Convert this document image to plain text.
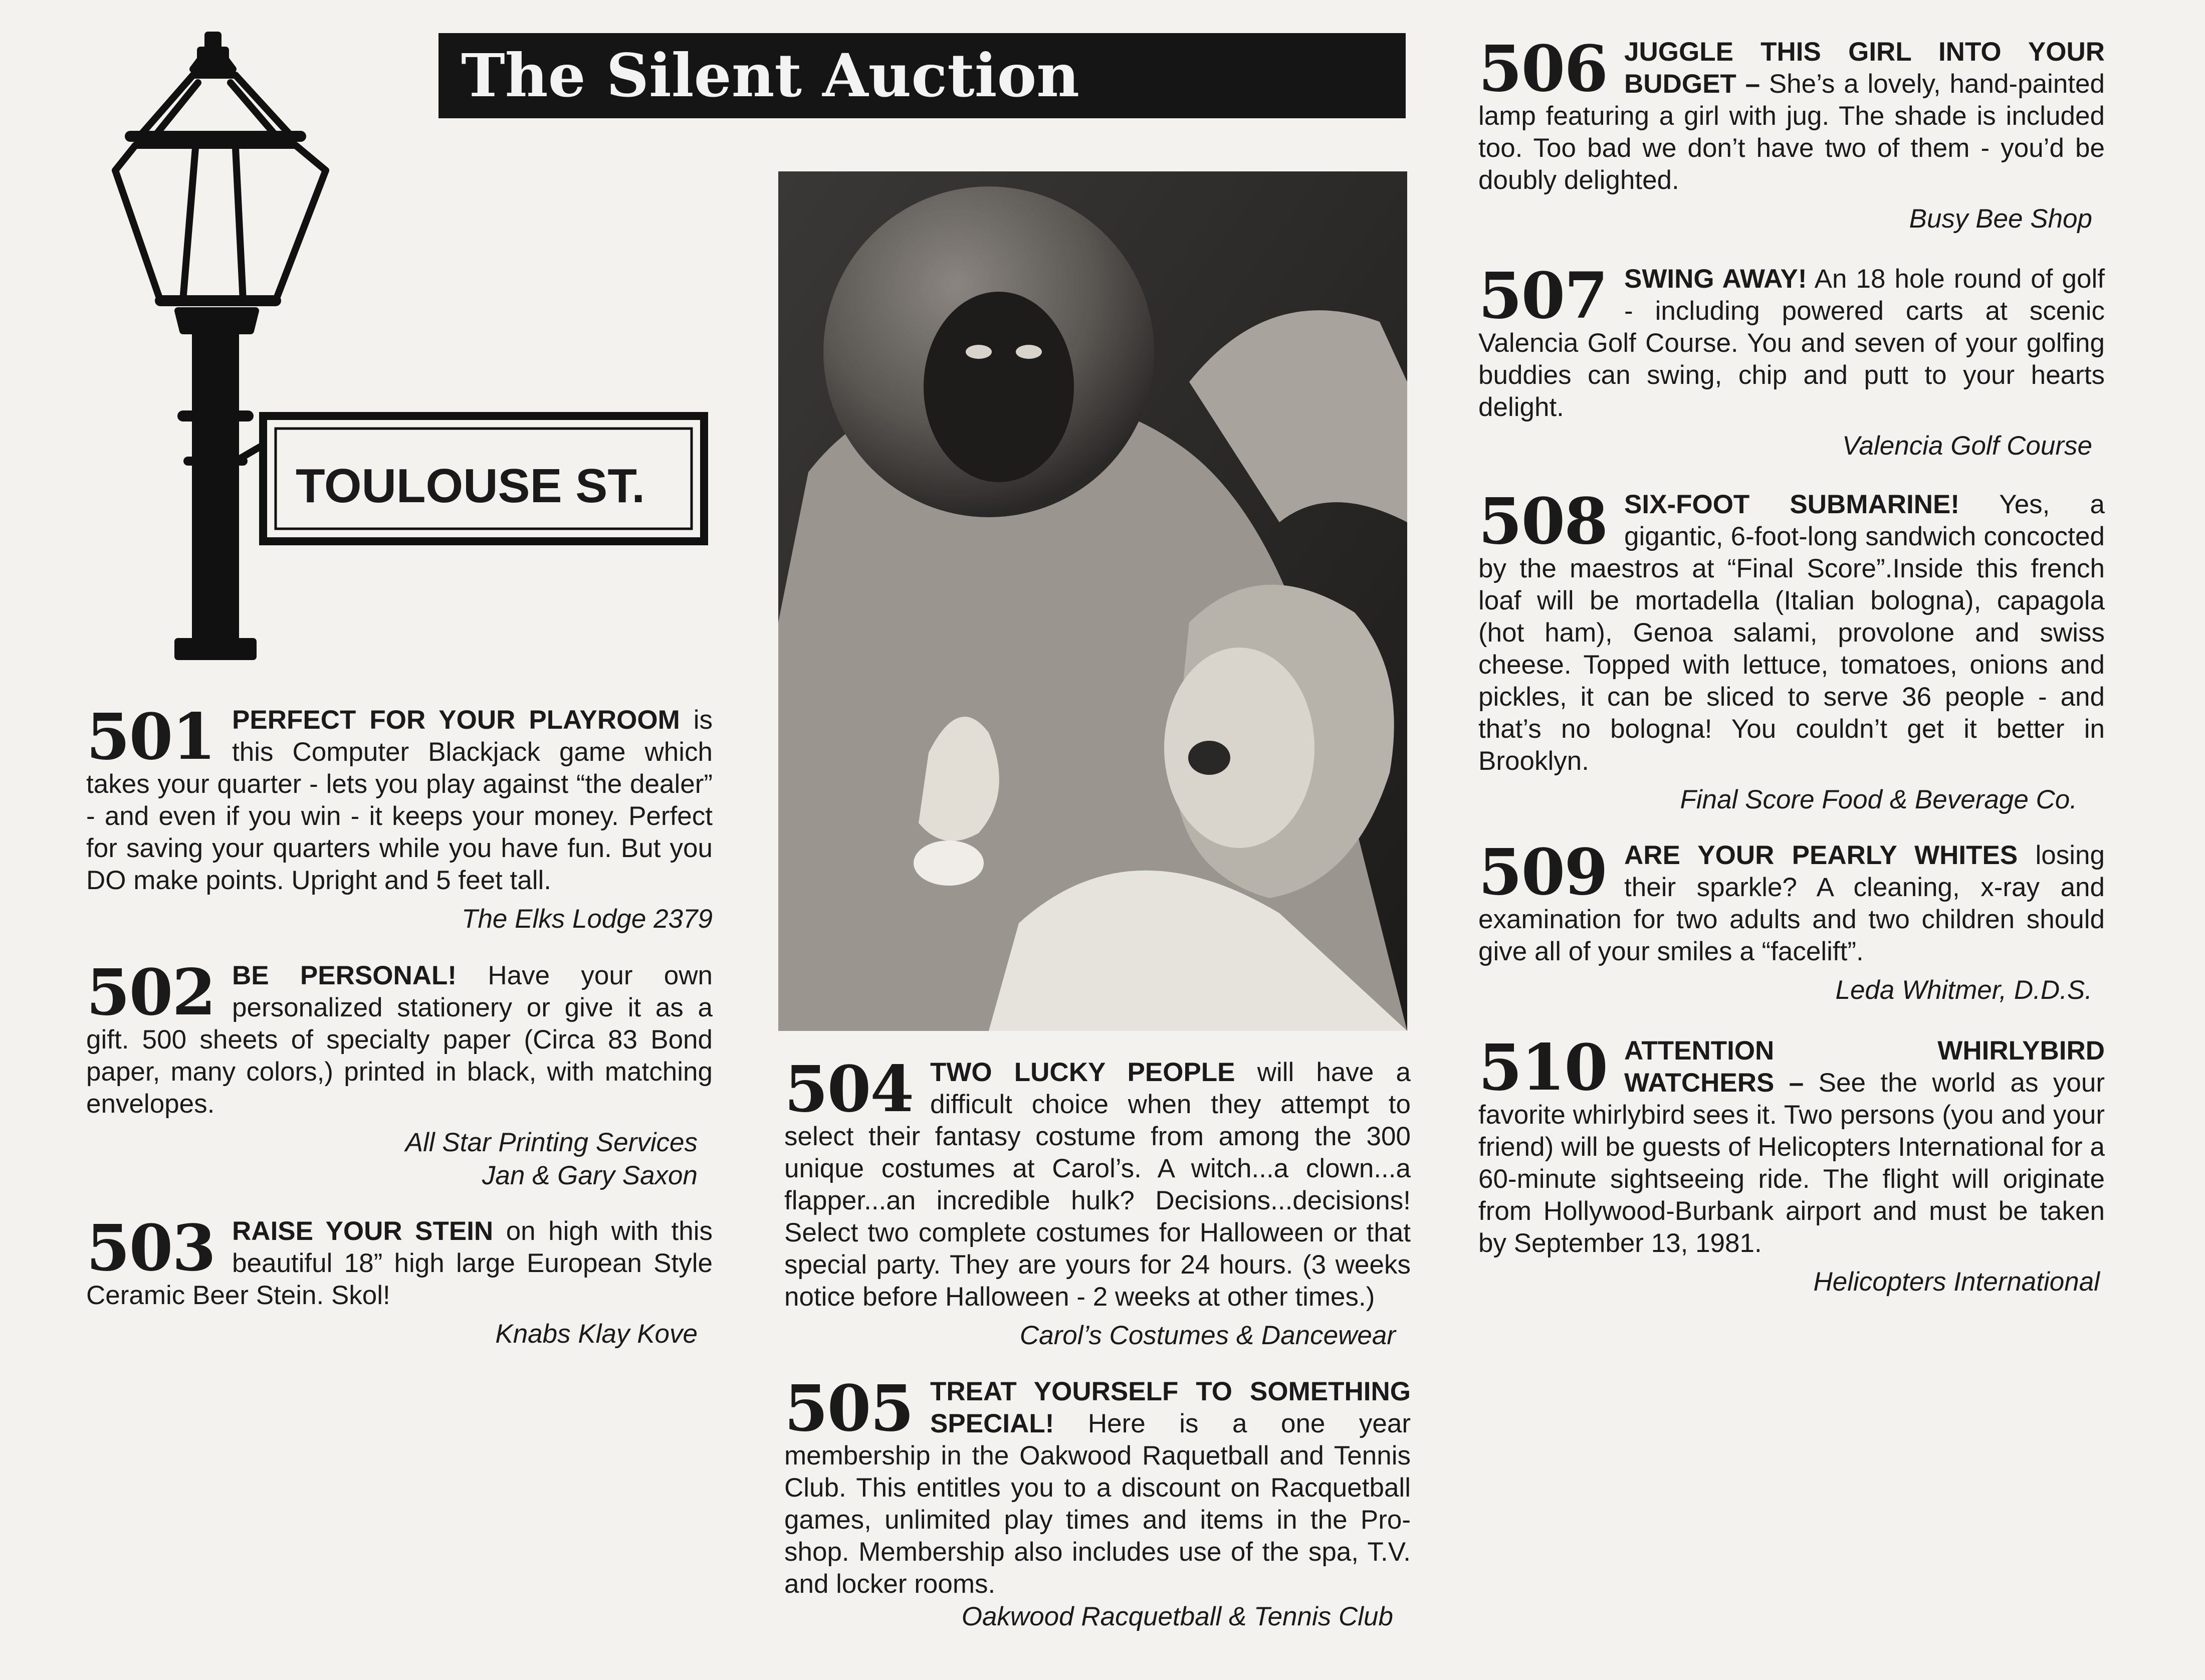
TOULOUSE ST.
The Silent Auction
501 PERFECT FOR YOUR PLAYROOM is this Computer Blackjack game which takes your quarter - lets you play against “the dealer” - and even if you win - it keeps your money. Perfect for saving your quarters while you have fun. But you DO make points. Upright and 5 feet tall.
The Elks Lodge 2379
502 BE PERSONAL! Have your own personalized stationery or give it as a gift. 500 sheets of specialty paper (Circa 83 Bond paper, many colors,) printed in black, with matching envelopes.
All Star Printing Services
Jan & Gary Saxon
503 RAISE YOUR STEIN on high with this beautiful 18” high large European Style Ceramic Beer Stein. Skol!
Knabs Klay Kove
504 TWO LUCKY PEOPLE will have a difficult choice when they attempt to select their fantasy costume from among the 300 unique costumes at Carol’s. A witch...a clown...a flapper...an incredible hulk? Decisions...decisions! Select two complete costumes for Halloween or that special party. They are yours for 24 hours. (3 weeks notice before Halloween - 2 weeks at other times.)
Carol’s Costumes & Dancewear
505 TREAT YOURSELF TO SOMETHING SPECIAL! Here is a one year membership in the Oakwood Raquetball and Tennis Club. This entitles you to a discount on Racquetball games, unlimited play times and items in the Pro-shop. Membership also includes use of the spa, T.V. and locker rooms.
Oakwood Racquetball & Tennis Club
506 JUGGLE THIS GIRL INTO YOUR BUDGET – She’s a lovely, hand-painted lamp featuring a girl with jug. The shade is included too. Too bad we don’t have two of them - you’d be doubly delighted.
Busy Bee Shop
507 SWING AWAY! An 18 hole round of golf - including powered carts at scenic Valencia Golf Course. You and seven of your golfing buddies can swing, chip and putt to your hearts delight.
Valencia Golf Course
508 SIX-FOOT SUBMARINE! Yes, a gigantic, 6-foot-long sandwich concocted by the maestros at “Final Score”.Inside this french loaf will be mortadella (Italian bologna), capagola (hot ham), Genoa salami, provolone and swiss cheese. Topped with lettuce, tomatoes, onions and pickles, it can be sliced to serve 36 people - and that’s no bologna! You couldn’t get it better in Brooklyn.
Final Score Food & Beverage Co.
509 ARE YOUR PEARLY WHITES losing their sparkle? A cleaning, x-ray and examination for two adults and two children should give all of your smiles a “facelift”.
Leda Whitmer, D.D.S.
510 ATTENTION WHIRLYBIRD WATCHERS – See the world as your favorite whirlybird sees it. Two persons (you and your friend) will be guests of Helicopters International for a 60-minute sightseeing ride. The flight will originate from Hollywood-Burbank airport and must be taken by September 13, 1981.
Helicopters International
